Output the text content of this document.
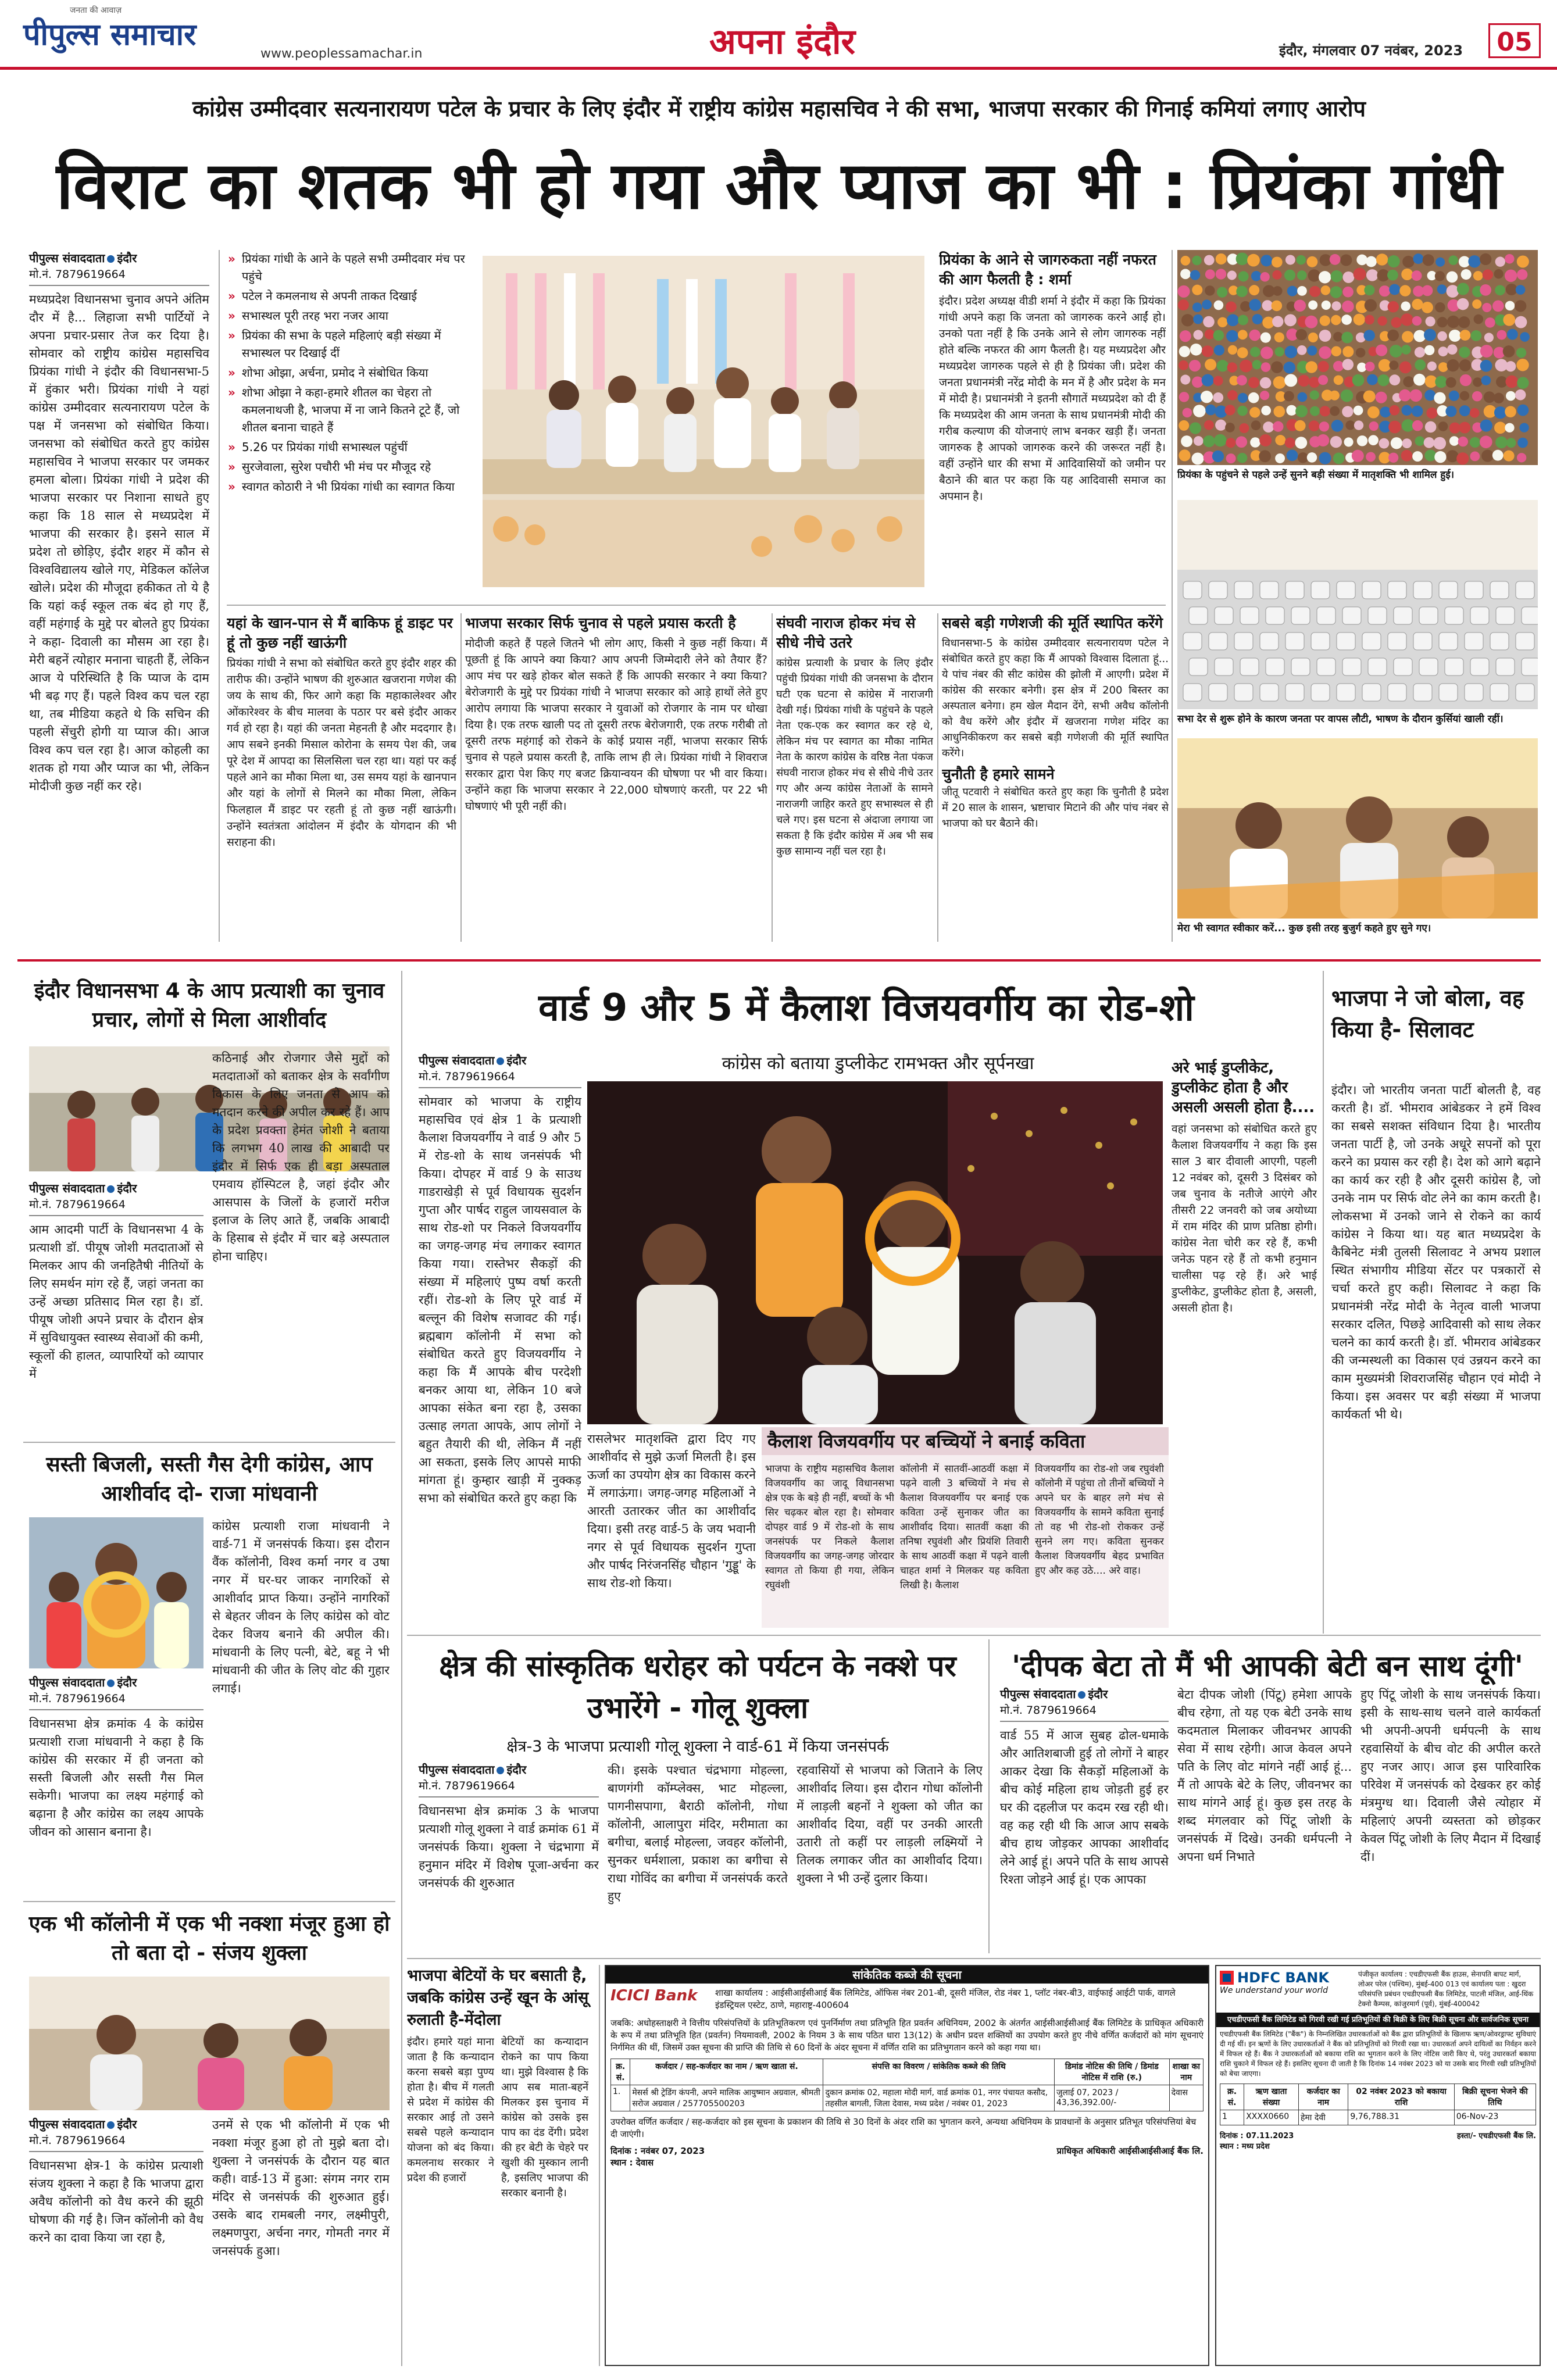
पीपुल्स समाचार
जनता की आवाज़
www.peoplessamachar.in	अपना इंदौर	इंदौर, मंगलवार 07 नवंबर, 2023	05
कांग्रेस उम्मीदवार सत्यनारायण पटेल के प्रचार के लिए इंदौर में राष्ट्रीय कांग्रेस महासचिव ने की सभा, भाजपा सरकार की गिनाई कमियां लगाए आरोप
विराट का शतक भी हो गया और प्याज का भी : प्रियंका गांधी
पीपुल्स संवाददाता इंदौर
मो.नं. 7879619664
मध्यप्रदेश विधानसभा चुनाव अपने अंतिम दौर में है... लिहाजा सभी पार्टियों ने अपना प्रचार-प्रसार तेज कर दिया है। सोमवार को राष्ट्रीय कांग्रेस महासचिव प्रियंका गांधी ने इंदौर की विधानसभा-5 में हुंकार भरी। प्रियंका गांधी ने यहां कांग्रेस उम्मीदवार सत्यनारायण पटेल के पक्ष में जनसभा को संबोधित किया। जनसभा को संबोधित करते हुए कांग्रेस महासचिव ने भाजपा सरकार पर जमकर हमला बोला। प्रियंका गांधी ने प्रदेश की भाजपा सरकार पर निशाना साधते हुए कहा कि 18 साल से मध्यप्रदेश में भाजपा की सरकार है। इसने साल में प्रदेश तो छोड़िए, इंदौर शहर में कौन से विश्वविद्यालय खोले गए, मेडिकल कॉलेज खोले। प्रदेश की मौजूदा हकीकत तो ये है कि यहां कई स्कूल तक बंद हो गए हैं, वहीं महंगाई के मुद्दे पर बोलते हुए प्रियंका ने कहा- दिवाली का मौसम आ रहा है। मेरी बहनें त्योहार मनाना चाहती हैं, लेकिन आज ये परिस्थिति है कि प्याज के दाम भी बढ़ गए हैं। पहले विश्व कप चल रहा था, तब मीडिया कहते थे कि सचिन की पहली सेंचुरी होगी या प्याज की। आज विश्व कप चल रहा है। आज कोहली का शतक हो गया और प्याज का भी, लेकिन मोदीजी कुछ नहीं कर रहे।
» प्रियंका गांधी के आने के पहले सभी उम्मीदवार मंच पर पहुंचे
» पटेल ने कमलनाथ से अपनी ताकत दिखाई
» सभास्थल पूरी तरह भरा नजर आया
» प्रियंका की सभा के पहले महिलाएं बड़ी संख्या में सभास्थल पर दिखाई दीं
» शोभा ओझा, अर्चना, प्रमोद ने संबोधित किया
» शोभा ओझा ने कहा-हमारे शीतल का चेहरा तो कमलनाथजी है, भाजपा में ना जाने कितने टूटे हैं, जो शीतल बनाना चाहते हैं
» 5.26 पर प्रियंका गांधी सभास्थल पहुंचीं
» सुरजेवाला, सुरेश पचौरी भी मंच पर मौजूद रहे
» स्वागत कोठारी ने भी प्रियंका गांधी का स्वागत किया
प्रियंका के आने से जागरुकता नहीं नफरत की आग फैलती है : शर्मा
इंदौर। प्रदेश अध्यक्ष वीडी शर्मा ने इंदौर में कहा कि प्रियंका गांधी अपने कहा कि जनता को जागरुक करने आईं हो। उनको पता नहीं है कि उनके आने से लोग जागरुक नहीं होते बल्कि नफरत की आग फैलती है। यह मध्यप्रदेश और मध्यप्रदेश जागरुक पहले से ही है प्रियंका जी। प्रदेश की जनता प्रधानमंत्री नरेंद्र मोदी के मन में है और प्रदेश के मन में मोदी है। प्रधानमंत्री ने इतनी सौगातें मध्यप्रदेश को दी हैं कि मध्यप्रदेश की आम जनता के साथ प्रधानमंत्री मोदी की गरीब कल्याण की योजनाएं लाभ बनकर खड़ी हैं। जनता जागरुक है आपको जागरुक करने की जरूरत नहीं है। वहीं उन्होंने धार की सभा में आदिवासियों को जमीन पर बैठाने की बात पर कहा कि यह आदिवासी समाज का अपमान है।
प्रियंका के पहुंचने से पहले उन्हें सुनने बड़ी संख्या में मातृशक्ति भी शामिल हुई।
सभा देर से शुरू होने के कारण जनता पर वापस लौटी, भाषण के दौरान कुर्सियां खाली रहीं।
मेरा भी स्वागत स्वीकार करें... कुछ इसी तरह बुजुर्ग कहते हुए सुने गए।
यहां के खान-पान से मैं बाकिफ हूं डाइट पर हूं तो कुछ नहीं खाऊंगी
प्रियंका गांधी ने सभा को संबोधित करते हुए इंदौर शहर की तारीफ की। उन्होंने भाषण की शुरुआत खजराना गणेश की जय के साथ की, फिर आगे कहा कि महाकालेश्वर और ओंकारेश्वर के बीच मालवा के पठार पर बसे इंदौर आकर गर्व हो रहा है। यहां की जनता मेहनती है और मददगार है। आप सबने इनकी मिसाल कोरोना के समय पेश की, जब पूरे देश में आपदा का सिलसिला चल रहा था। यहां पर कई पहले आने का मौका मिला था, उस समय यहां के खानपान और यहां के लोगों से मिलने का मौका मिला, लेकिन फिलहाल मैं डाइट पर रहती हूं तो कुछ नहीं खाऊंगी। उन्होंने स्वतंत्रता आंदोलन में इंदौर के योगदान की भी सराहना की।
भाजपा सरकार सिर्फ चुनाव से पहले प्रयास करती है
मोदीजी कहते हैं पहले जितने भी लोग आए, किसी ने कुछ नहीं किया। मैं पूछती हूं कि आपने क्या किया? आप अपनी जिम्मेदारी लेने को तैयार हैं? आप मंच पर खड़े होकर बोल सकते हैं कि आपकी सरकार ने क्या किया? बेरोजगारी के मुद्दे पर प्रियंका गांधी ने भाजपा सरकार को आड़े हाथों लेते हुए आरोप लगाया कि भाजपा सरकार ने युवाओं को रोजगार के नाम पर धोखा दिया है। एक तरफ खाली पद तो दूसरी तरफ बेरोजगारी, एक तरफ गरीबी तो दूसरी तरफ महंगाई को रोकने के कोई प्रयास नहीं, भाजपा सरकार सिर्फ चुनाव से पहले प्रयास करती है, ताकि लाभ ही ले। प्रियंका गांधी ने शिवराज सरकार द्वारा पेश किए गए बजट क्रियान्वयन की घोषणा पर भी वार किया। उन्होंने कहा कि भाजपा सरकार ने 22,000 घोषणाएं करती, पर 22 भी घोषणाएं भी पूरी नहीं की।
संघवी नाराज होकर मंच से सीधे नीचे उतरे
कांग्रेस प्रत्याशी के प्रचार के लिए इंदौर पहुंची प्रियंका गांधी की जनसभा के दौरान घटी एक घटना से कांग्रेस में नाराजगी देखी गई। प्रियंका गांधी के पहुंचने के पहले नेता एक-एक कर स्वागत कर रहे थे, लेकिन मंच पर स्वागत का मौका नामित नेता के कारण कांग्रेस के वरिष्ठ नेता पंकज संघवी नाराज होकर मंच से सीधे नीचे उतर गए और अन्य कांग्रेस नेताओं के सामने नाराजगी जाहिर करते हुए सभास्थल से ही चले गए। इस घटना से अंदाजा लगाया जा सकता है कि इंदौर कांग्रेस में अब भी सब कुछ सामान्य नहीं चल रहा है।
सबसे बड़ी गणेशजी की मूर्ति स्थापित करेंगे
विधानसभा-5 के कांग्रेस उम्मीदवार सत्यनारायण पटेल ने संबोधित करते हुए कहा कि मैं आपको विश्वास दिलाता हूं... ये पांच नंबर की सीट कांग्रेस की झोली में आएगी। प्रदेश में कांग्रेस की सरकार बनेगी। इस क्षेत्र में 200 बिस्तर का अस्पताल बनेगा। हम खेल मैदान देंगे, सभी अवैध कॉलोनी को वैध करेंगे और इंदौर में खजराना गणेश मंदिर का आधुनिकीकरण कर सबसे बड़ी गणेशजी की मूर्ति स्थापित करेंगे।
चुनौती है हमारे सामने
जीतू पटवारी ने संबोधित करते हुए कहा कि चुनौती है प्रदेश में 20 साल के शासन, भ्रष्टाचार मिटाने की और पांच नंबर से भाजपा को घर बैठाने की।
इंदौर विधानसभा 4 के आप प्रत्याशी का चुनाव प्रचार, लोगों से मिला आशीर्वाद
पीपुल्स संवाददाता इंदौर
मो.नं. 7879619664
आम आदमी पार्टी के विधानसभा 4 के प्रत्याशी डॉ. पीयूष जोशी मतदाताओं से मिलकर आप की जनहितैषी नीतियों के लिए समर्थन मांग रहे हैं, जहां जनता का उन्हें अच्छा प्रतिसाद मिल रहा है। डॉ. पीयूष जोशी अपने प्रचार के दौरान क्षेत्र में सुविधायुक्त स्वास्थ्य सेवाओं की कमी, स्कूलों की हालत, व्यापारियों को व्यापार में
कठिनाई और रोजगार जैसे मुद्दों को मतदाताओं को बताकर क्षेत्र के सर्वांगीण विकास के लिए जनता से आप को मतदान करने की अपील कर रहे हैं। आप के प्रदेश प्रवक्ता हेमंत जोशी ने बताया कि लगभग 40 लाख की आबादी पर इंदौर में सिर्फ एक ही बड़ा अस्पताल एमवाय हॉस्पिटल है, जहां इंदौर और आसपास के जिलों के हजारों मरीज इलाज के लिए आते हैं, जबकि आबादी के हिसाब से इंदौर में चार बड़े अस्पताल होना चाहिए।
सस्ती बिजली, सस्ती गैस देगी कांग्रेस, आप आशीर्वाद दो- राजा मांधवानी
पीपुल्स संवाददाता इंदौर
मो.नं. 7879619664
विधानसभा क्षेत्र क्रमांक 4 के कांग्रेस प्रत्याशी राजा मांधवानी ने कहा है कि कांग्रेस की सरकार में ही जनता को सस्ती बिजली और सस्ती गैस मिल सकेगी। भाजपा का लक्ष्य महंगाई को बढ़ाना है और कांग्रेस का लक्ष्य आपके जीवन को आसान बनाना है।
कांग्रेस प्रत्याशी राजा मांधवानी ने वार्ड-71 में जनसंपर्क किया। इस दौरान वैंक कॉलोनी, विश्व कर्मा नगर व उषा नगर में घर-घर जाकर नागरिकों से आशीर्वाद प्राप्त किया। उन्होंने नागरिकों से बेहतर जीवन के लिए कांग्रेस को वोट देकर विजय बनाने की अपील की। मांधवानी के लिए पत्नी, बेटे, बहू ने भी मांधवानी की जीत के लिए वोट की गुहार लगाई।
एक भी कॉलोनी में एक भी नक्शा मंजूर हुआ हो तो बता दो - संजय शुक्ला
पीपुल्स संवाददाता इंदौर
मो.नं. 7879619664
विधानसभा क्षेत्र-1 के कांग्रेस प्रत्याशी संजय शुक्ला ने कहा है कि भाजपा द्वारा अवैध कॉलोनी को वैध करने की झूठी घोषणा की गई है। जिन कॉलोनी को वैध करने का दावा किया जा रहा है,
उनमें से एक भी कॉलोनी में एक भी नक्शा मंजूर हुआ हो तो मुझे बता दो। शुक्ला ने जनसंपर्क के दौरान यह बात कही। वार्ड-13 में हुआ: संगम नगर राम मंदिर से जनसंपर्क की शुरुआत हुई। उसके बाद रामबली नगर, लक्ष्मीपुरी, लक्ष्मणपुरा, अर्चना नगर, गोमती नगर में जनसंपर्क हुआ।
वार्ड 9 और 5 में कैलाश विजयवर्गीय का रोड-शो
कांग्रेस को बताया डुप्लीकेट रामभक्त और सूर्पनखा
पीपुल्स संवाददाता इंदौर
मो.नं. 7879619664
सोमवार को भाजपा के राष्ट्रीय महासचिव एवं क्षेत्र 1 के प्रत्याशी कैलाश विजयवर्गीय ने वार्ड 9 और 5 में रोड-शो के साथ जनसंपर्क भी किया। दोपहर में वार्ड 9 के साउथ गाडराखेड़ी से पूर्व विधायक सुदर्शन गुप्ता और पार्षद राहुल जायसवाल के साथ रोड-शो पर निकले विजयवर्गीय का जगह-जगह मंच लगाकर स्वागत किया गया। रास्तेभर सैकड़ों की संख्या में महिलाएं पुष्प वर्षा करती रहीं। रोड-शो के लिए पूरे वार्ड में बल्लून की विशेष सजावट की गई। ब्रह्मबाग कॉलोनी में सभा को संबोधित करते हुए विजयवर्गीय ने कहा कि मैं आपके बीच परदेशी बनकर आया था, लेकिन 10 बजे आपका संकेत बना रहा है, उसका उत्साह लगता आपके, आप लोगों ने बहुत तैयारी की थी, लेकिन मैं नहीं आ सकता, इसके लिए आपसे माफी मांगता हूं। कुम्हार खाड़ी में नुक्कड़ सभा को संबोधित करते हुए कहा कि
रासलेभर मातृशक्ति द्वारा दिए गए आशीर्वाद से मुझे ऊर्जा मिलती है। इस ऊर्जा का उपयोग क्षेत्र का विकास करने में लगाऊंगा। जगह-जगह महिलाओं ने आरती उतारकर जीत का आशीर्वाद दिया। इसी तरह वार्ड-5 के जय भवानी नगर से पूर्व विधायक सुदर्शन गुप्ता और पार्षद निरंजनसिंह चौहान 'गुड्डू' के साथ रोड-शो किया।
अरे भाई डुप्लीकेट, डुप्लीकेट होता है और असली असली होता है....
वहां जनसभा को संबोधित करते हुए कैलाश विजयवर्गीय ने कहा कि इस साल 3 बार दीवाली आएगी, पहली 12 नवंबर को, दूसरी 3 दिसंबर को जब चुनाव के नतीजे आएंगे और तीसरी 22 जनवरी को जब अयोध्या में राम मंदिर की प्राण प्रतिष्ठा होगी। कांग्रेस नेता चोरी कर रहे हैं, कभी जनेऊ पहन रहे हैं तो कभी हनुमान चालीसा पढ़ रहे हैं। अरे भाई डुप्लीकेट, डुप्लीकेट होता है, असली, असली होता है।
कैलाश विजयवर्गीय पर बच्चियों ने बनाई कविता
भाजपा के राष्ट्रीय महासचिव कैलाश विजयवर्गीय का जादू विधानसभा क्षेत्र एक के बड़े ही नहीं, बच्चों के भी सिर चढ़कर बोल रहा है। सोमवार दोपहर वार्ड 9 में रोड-शो के साथ जनसंपर्क पर निकले कैलाश विजयवर्गीय का जगह-जगह जोरदार स्वागत तो किया ही गया, लेकिन रघुवंशी
कॉलोनी में सातवीं-आठवीं कक्षा में पढ़ने वाली 3 बच्चियों ने मंच से कैलाश विजयवर्गीय पर बनाई एक कविता उन्हें सुनाकर जीत का आशीर्वाद दिया। सातवीं कक्षा की तनिषा रघुवंशी और प्रियंशि तिवारी के साथ आठवीं कक्षा में पढ़ने वाली चाहत शर्मा ने मिलकर यह कविता लिखी है। कैलाश
विजयवर्गीय का रोड-शो जब रघुवंशी कॉलोनी में पहुंचा तो तीनों बच्चियों ने अपने घर के बाहर लगे मंच से विजयवर्गीय के सामने कविता सुनाई तो वह भी रोड-शो रोककर उन्हें सुनने लग गए। कविता सुनकर कैलाश विजयवर्गीय बेहद प्रभावित हुए और कह उठे.... अरे वाह।
भाजपा ने जो बोला, वह किया है- सिलावट
इंदौर। जो भारतीय जनता पार्टी बोलती है, वह करती है। डॉ. भीमराव आंबेडकर ने हमें विश्व का सबसे सशक्त संविधान दिया है। भारतीय जनता पार्टी है, जो उनके अधूरे सपनों को पूरा करने का प्रयास कर रही है। देश को आगे बढ़ाने का कार्य कर रही है और दूसरी कांग्रेस है, जो उनके नाम पर सिर्फ वोट लेने का काम करती है। लोकसभा में उनको जाने से रोकने का कार्य कांग्रेस ने किया था। यह बात मध्यप्रदेश के कैबिनेट मंत्री तुलसी सिलावट ने अभय प्रशाल स्थित संभागीय मीडिया सेंटर पर पत्रकारों से चर्चा करते हुए कही। सिलावट ने कहा कि प्रधानमंत्री नरेंद्र मोदी के नेतृत्व वाली भाजपा सरकार दलित, पिछड़े आदिवासी को साथ लेकर चलने का कार्य करती है। डॉ. भीमराव आंबेडकर की जन्मस्थली का विकास एवं उन्नयन करने का काम मुख्यमंत्री शिवराजसिंह चौहान एवं मोदी ने किया। इस अवसर पर बड़ी संख्या में भाजपा कार्यकर्ता भी थे।
क्षेत्र की सांस्कृतिक धरोहर को पर्यटन के नक्शे पर उभारेंगे - गोलू शुक्ला
क्षेत्र-3 के भाजपा प्रत्याशी गोलू शुक्ला ने वार्ड-61 में किया जनसंपर्क
पीपुल्स संवाददाता इंदौर
मो.नं. 7879619664
विधानसभा क्षेत्र क्रमांक 3 के भाजपा प्रत्याशी गोलू शुक्ला ने वार्ड क्रमांक 61 में जनसंपर्क किया। शुक्ला ने चंद्रभागा में हनुमान मंदिर में विशेष पूजा-अर्चना कर जनसंपर्क की शुरुआत
की। इसके पश्चात चंद्रभागा मोहल्ला, बाणगंगी कॉम्प्लेक्स, भाट मोहल्ला, पागनीसपागा, बैराठी कॉलोनी, गोधा कॉलोनी, आलापुरा मंदिर, मरीमाता का बगीचा, बलाई मोहल्ला, जवहर कॉलोनी, सुनकर धर्मशाला, प्रकाश का बगीचा से राधा गोविंद का बगीचा में जनसंपर्क करते हुए
रहवासियों से भाजपा को जिताने के लिए आशीर्वाद लिया। इस दौरान गोधा कॉलोनी में लाड़ली बहनों ने शुक्ला को जीत का आशीर्वाद दिया, वहीं पर उनकी आरती उतारी तो कहीं पर लाड़ली लक्ष्मियों ने तिलक लगाकर जीत का आशीर्वाद दिया। शुक्ला ने भी उन्हें दुलार किया।
'दीपक बेटा तो मैं भी आपकी बेटी बन साथ दूंगी'
पीपुल्स संवाददाता इंदौर
मो.नं. 7879619664
वार्ड 55 में आज सुबह ढोल-धमाके और आतिशबाजी हुई तो लोगों ने बाहर आकर देखा कि सैकड़ों महिलाओं के बीच कोई महिला हाथ जोड़ती हुई हर घर की दहलीज पर कदम रख रही थी। वह कह रही थी कि आज आप सबके बीच हाथ जोड़कर आपका आशीर्वाद लेने आई हूं। अपने पति के साथ आपसे रिश्ता जोड़ने आई हूं। एक आपका
बेटा दीपक जोशी (पिंटू) हमेशा आपके बीच रहेगा, तो यह एक बेटी उनके साथ कदमताल मिलाकर जीवनभर आपकी सेवा में साथ रहेगी। आज केवल अपने पति के लिए वोट मांगने नहीं आई हूं... मैं तो आपके बेटे के लिए, जीवनभर का साथ मांगने आई हूं। कुछ इस तरह के शब्द मंगलवार को पिंटू जोशी के जनसंपर्क में दिखे। उनकी धर्मपत्नी ने अपना धर्म निभाते
हुए पिंटू जोशी के साथ जनसंपर्क किया। इसी के साथ-साथ चलने वाले कार्यकर्ता भी अपनी-अपनी धर्मपत्नी के साथ रहवासियों के बीच वोट की अपील करते हुए नजर आए। आज इस पारिवारिक परिवेश में जनसंपर्क को देखकर हर कोई मंत्रमुग्ध था। दिवाली जैसे त्योहार में महिलाएं अपनी व्यस्तता को छोड़कर केवल पिंटू जोशी के लिए मैदान में दिखाई दीं।
भाजपा बेटियों के घर बसाती है, जबकि कांग्रेस उन्हें खून के आंसू रुलाती है-मेंदोला
इंदौर। हमारे यहां माना जाता है कि कन्यादान करना सबसे बड़ा पुण्य होता है। बीच में गलती से प्रदेश में कांग्रेस की सरकार आई तो उसने सबसे पहले कन्यादान योजना को बंद किया। कमलनाथ सरकार ने प्रदेश की हजारों
बेटियों का कन्यादान रोकने का पाप किया था। मुझे विश्वास है कि आप सब माता-बहनें मिलकर इस चुनाव में कांग्रेस को उसके इस पाप का दंड देंगी। प्रदेश की हर बेटी के चेहरे पर खुशी की मुस्कान लानी है, इसलिए भाजपा की सरकार बनानी है।
सांकेतिक कब्जे की सूचना
ICICI Bank	शाखा कार्यालय : आईसीआईसीआई बैंक लिमिटेड, ऑफिस नंबर 201-बी, दूसरी मंजिल, रोड नंबर 1, प्लॉट नंबर-बी3, वाईफाई आईटी पार्क, वागले इंडस्ट्रियल एस्टेट, ठाणे, महाराष्ट्र-400604
जबकि: अधोहस्ताक्षरी ने वित्तीय परिसंपत्तियों के प्रतिभूतिकरण एवं पुनर्निर्माण तथा प्रतिभूति हित प्रवर्तन अधिनियम, 2002 के अंतर्गत आईसीआईसीआई बैंक लिमिटेड के प्राधिकृत अधिकारी के रूप में तथा प्रतिभूति हित (प्रवर्तन) नियमावली, 2002 के नियम 3 के साथ पठित धारा 13(12) के अधीन प्रदत्त शक्तियों का उपयोग करते हुए नीचे वर्णित कर्जदारों को मांग सूचनाएं निर्गमित की थीं, जिसमें उक्त सूचना की प्राप्ति की तिथि से 60 दिनों के अंदर सूचना में वर्णित राशि का प्रतिभुगतान करने को कहा गया था।
क्र. सं.	कर्जदार / सह-कर्जदार का नाम / ऋण खाता सं.	संपत्ति का विवरण / सांकेतिक कब्जे की तिथि	डिमांड नोटिस की तिथि / डिमांड नोटिस में राशि (रु.)	शाखा का नाम
1.	मेसर्स श्री ट्रेडिंग कंपनी, अपने मालिक आयुष्मान अग्रवाल, श्रीमती सरोज अग्रवाल / 257705500203	दुकान क्रमांक 02, महाला मोदी मार्ग, वार्ड क्रमांक 01, नगर पंचायत कसौद, तहसील बागली, जिला देवास, मध्य प्रदेश / नवंबर 01, 2023	जुलाई 07, 2023 / 43,36,392.00/-	देवास
उपरोक्त वर्णित कर्जदार / सह-कर्जदार को इस सूचना के प्रकाशन की तिथि से 30 दिनों के अंदर राशि का भुगतान करने, अन्यथा अधिनियम के प्रावधानों के अनुसार प्रतिभूत परिसंपत्तियां बेच दी जाएंगी।
दिनांक : नवंबर 07, 2023
स्थान : देवास
प्राधिकृत अधिकारी आईसीआईसीआई बैंक लि.
HDFC BANK
We understand your world
पंजीकृत कार्यालय : एचडीएफसी बैंक हाउस, सेनापति बापट मार्ग, लोअर परेल (पश्चिम), मुंबई-400 013 एवं कार्यालय पता : खुदरा परिसंपत्ति प्रबंधन एचडीएफसी बैंक लिमिटेड, पाटली मंजिल, आई-थिंक टेक्नो कैम्पस, कांजुरमार्ग (पूर्व), मुंबई-400042
एचडीएफसी बैंक लिमिटेड को गिरवी रखी गई प्रतिभूतियों की बिक्री के लिए बिक्री सूचना और सार्वजनिक सूचना
एचडीएफसी बैंक लिमिटेड ("बैंक") के निम्नलिखित उधारकर्ताओं को बैंक द्वारा प्रतिभूतियों के खिलाफ ऋण/ओवरड्राफ्ट सुविधाएं दी गई थीं। इन ऋणों के लिए उधारकर्ताओं ने बैंक को प्रतिभूतियों को गिरवी रखा था। उधारकर्ता अपने दायित्वों का निर्वहन करने में विफल रहे हैं। बैंक ने उधारकर्ताओं को बकाया राशि का भुगतान करने के लिए नोटिस जारी किए थे, परंतु उधारकर्ता बकाया राशि चुकाने में विफल रहे हैं। इसलिए सूचना दी जाती है कि दिनांक 14 नवंबर 2023 को या उसके बाद गिरवी रखी प्रतिभूतियों को बेचा जाएगा।
क्र. सं.	ऋण खाता संख्या	कर्जदार का नाम	02 नवंबर 2023 को बकाया राशि	बिक्री सूचना भेजने की तिथि
1	XXXX0660	हेमा देवी	9,76,788.31	06-Nov-23
दिनांक : 07.11.2023
स्थान : मध्य प्रदेश
हस्ता/- एचडीएफसी बैंक लि.
